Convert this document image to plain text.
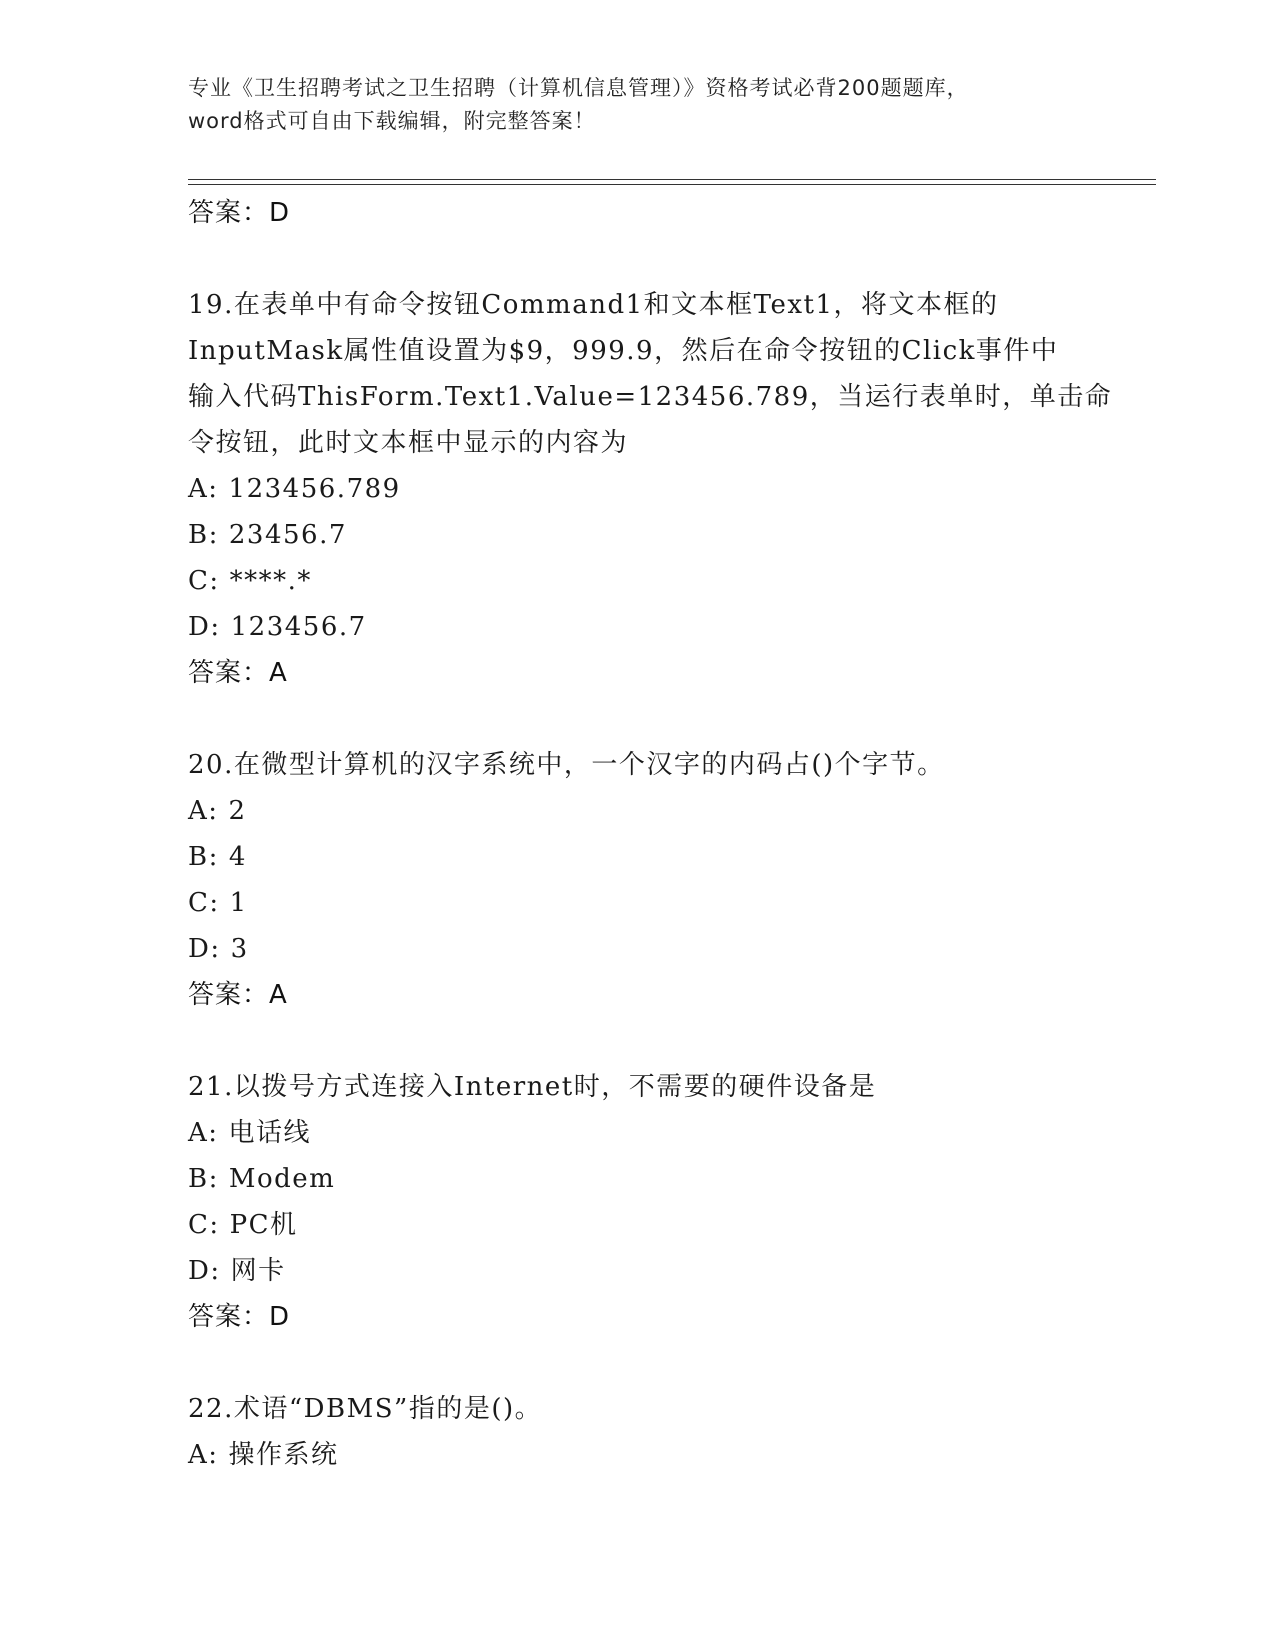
专业《卫生招聘考试之卫生招聘（计算机信息管理）》资格考试必背200题题库，
word格式可自由下载编辑，附完整答案！
答案：D
19.在表单中有命令按钮Command1和文本框Text1，将文本框的
InputMask属性值设置为$9，999.9，然后在命令按钮的Click事件中
输入代码ThisForm.Text1.Value=123456.789，当运行表单时，单击命
令按钮，此时文本框中显示的内容为
A: 123456.789
B: 23456.7
C: ****.*
D: 123456.7
答案：A
20.在微型计算机的汉字系统中，一个汉字的内码占()个字节。
A: 2
B: 4
C: 1
D: 3
答案：A
21.以拨号方式连接入Internet时，不需要的硬件设备是
A: 电话线
B: Modem
C: PC机
D: 网卡
答案：D
22.术语“DBMS”指的是()。
A: 操作系统
